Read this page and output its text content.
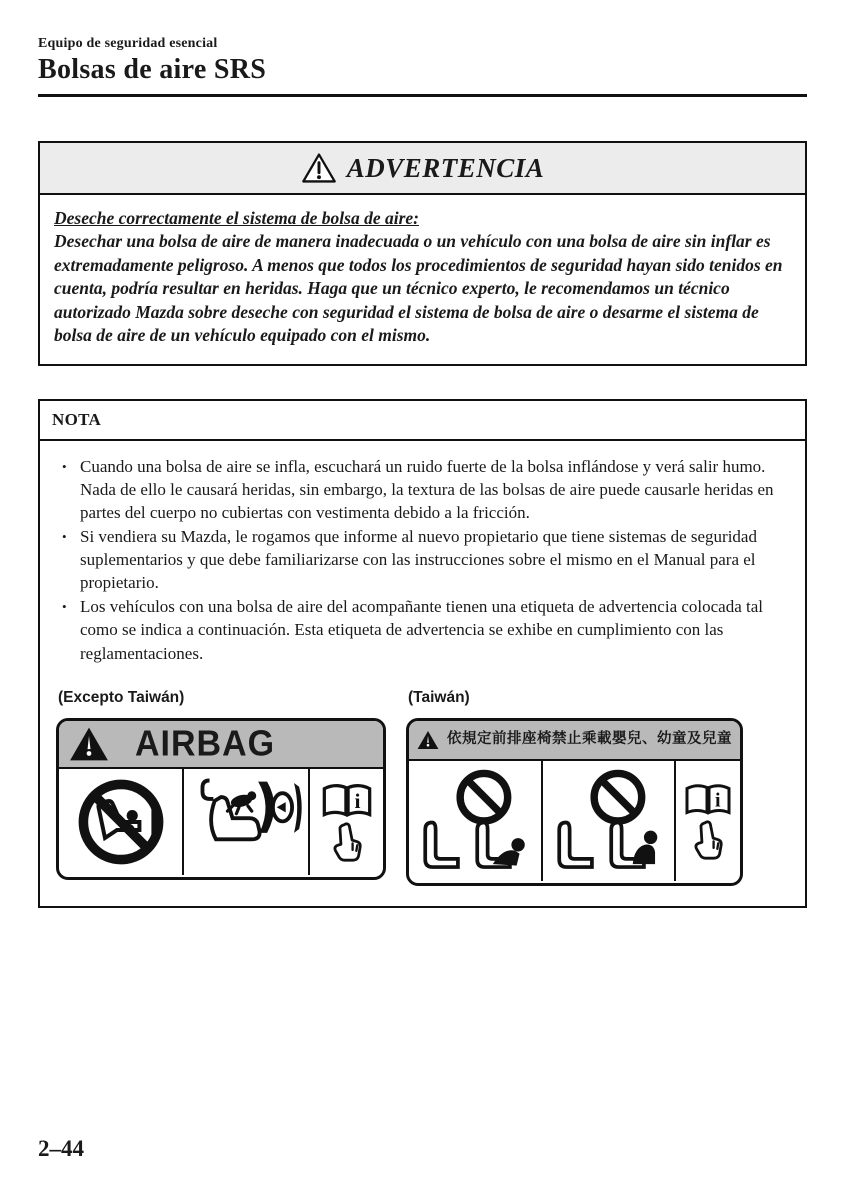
Equipo de seguridad esencial
Bolsas de aire SRS
ADVERTENCIA
Deseche correctamente el sistema de bolsa de aire:
Desechar una bolsa de aire de manera inadecuada o un vehículo con una bolsa de aire sin inflar es extremadamente peligroso. A menos que todos los procedimientos de seguridad hayan sido tenidos en cuenta, podría resultar en heridas. Haga que un técnico experto, le recomendamos un técnico autorizado Mazda sobre deseche con seguridad el sistema de bolsa de aire o desarme el sistema de bolsa de aire de un vehículo equipado con el mismo.
NOTA
• Cuando una bolsa de aire se infla, escuchará un ruido fuerte de la bolsa inflándose y verá salir humo. Nada de ello le causará heridas, sin embargo, la textura de las bolsas de aire puede causarle heridas en partes del cuerpo no cubiertas con vestimenta debido a la fricción.
• Si vendiera su Mazda, le rogamos que informe al nuevo propietario que tiene sistemas de seguridad suplementarios y que debe familiarizarse con las instrucciones sobre el mismo en el Manual para el propietario.
• Los vehículos con una bolsa de aire del acompañante tienen una etiqueta de advertencia colocada tal como se indica a continuación. Esta etiqueta de advertencia se exhibe en cumplimiento con las reglamentaciones.
(Excepto Taiwán)
AIRBAG
i
(Taiwán)
依規定前排座椅禁止乘載嬰兒、幼童及兒童
i
2–44
